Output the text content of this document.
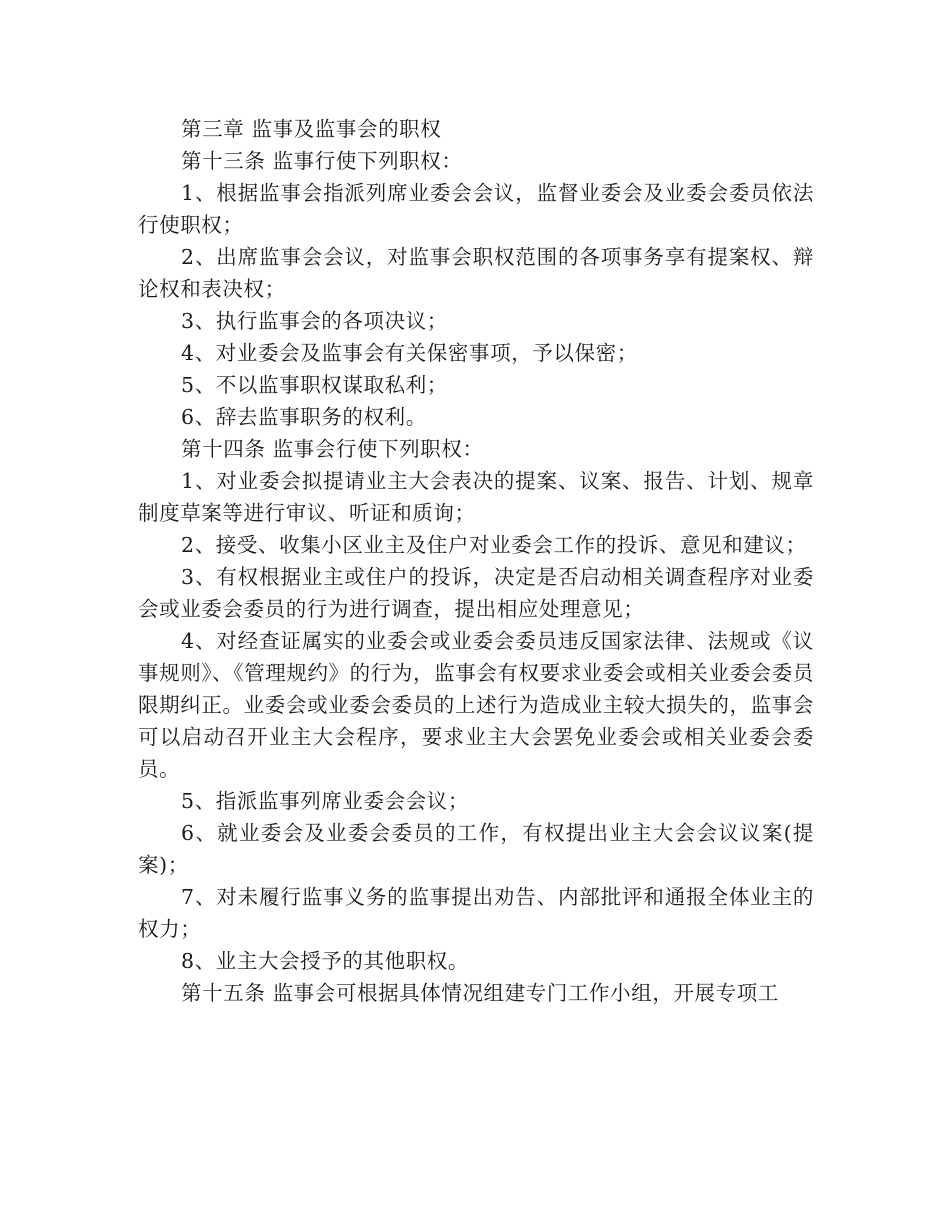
第三章 监事及监事会的职权

第十三条 监事行使下列职权：

1、根据监事会指派列席业委会会议，监督业委会及业委会委员依法行使职权；

2、出席监事会会议，对监事会职权范围的各项事务享有提案权、辩论权和表决权；

3、执行监事会的各项决议；

4、对业委会及监事会有关保密事项，予以保密；

5、不以监事职权谋取私利；

6、辞去监事职务的权利。

第十四条 监事会行使下列职权：

1、对业委会拟提请业主大会表决的提案、议案、报告、计划、规章制度草案等进行审议、听证和质询；

2、接受、收集小区业主及住户对业委会工作的投诉、意见和建议；

3、有权根据业主或住户的投诉，决定是否启动相关调查程序对业委会或业委会委员的行为进行调查，提出相应处理意见；

4、对经查证属实的业委会或业委会委员违反国家法律、法规或《议事规则》、《管理规约》的行为，监事会有权要求业委会或相关业委会委员限期纠正。业委会或业委会委员的上述行为造成业主较大损失的，监事会可以启动召开业主大会程序，要求业主大会罢免业委会或相关业委会委员。

5、指派监事列席业委会会议；

6、就业委会及业委会委员的工作，有权提出业主大会会议议案(提案)；

7、对未履行监事义务的监事提出劝告、内部批评和通报全体业主的权力；

8、业主大会授予的其他职权。

第十五条 监事会可根据具体情况组建专门工作小组，开展专项工
